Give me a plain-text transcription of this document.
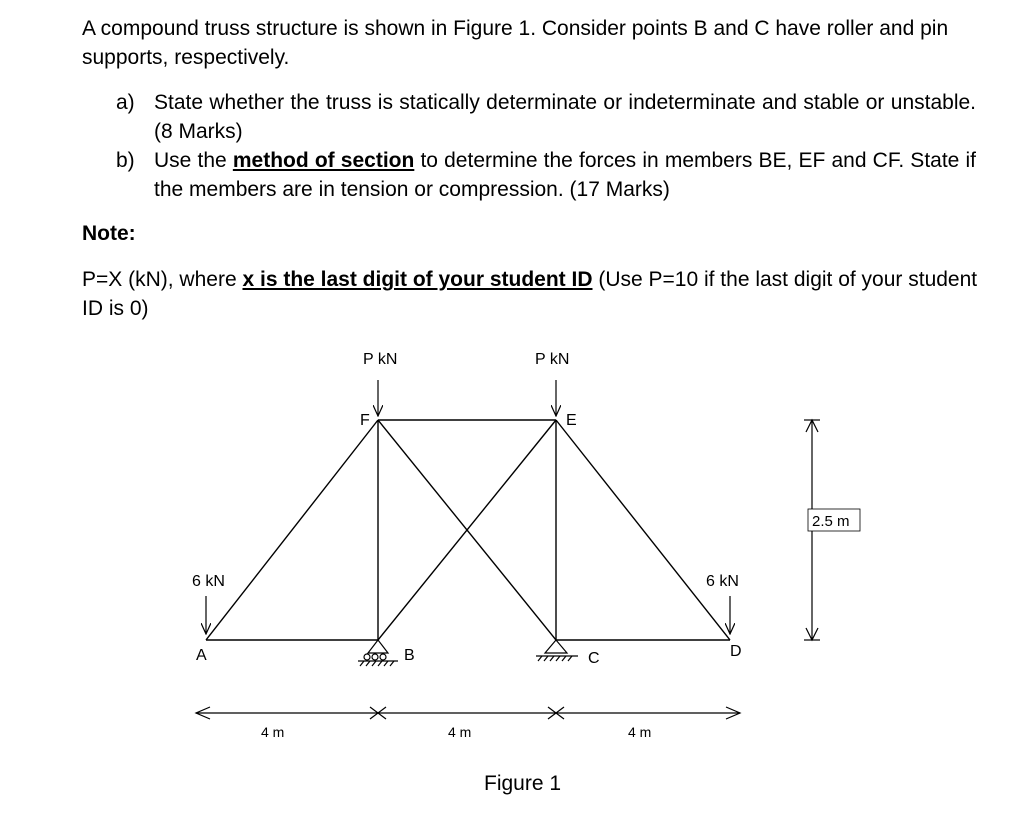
A compound truss structure is shown in Figure 1. Consider points B and C have roller and pin supports, respectively.
a) State whether the truss is statically determinate or indeterminate and stable or unstable. (8 Marks)
b) Use the method of section to determine the forces in members BE, EF and CF. State if the members are in tension or compression. (17 Marks)
Note:
P=X (kN), where x is the last digit of your student ID (Use P=10 if the last digit of your student ID is 0)
6 kN
P kN	P kN
6 kN
A	B	C	D
E
F
4 m	4 m	4 m
2.5 m
Figure 1
